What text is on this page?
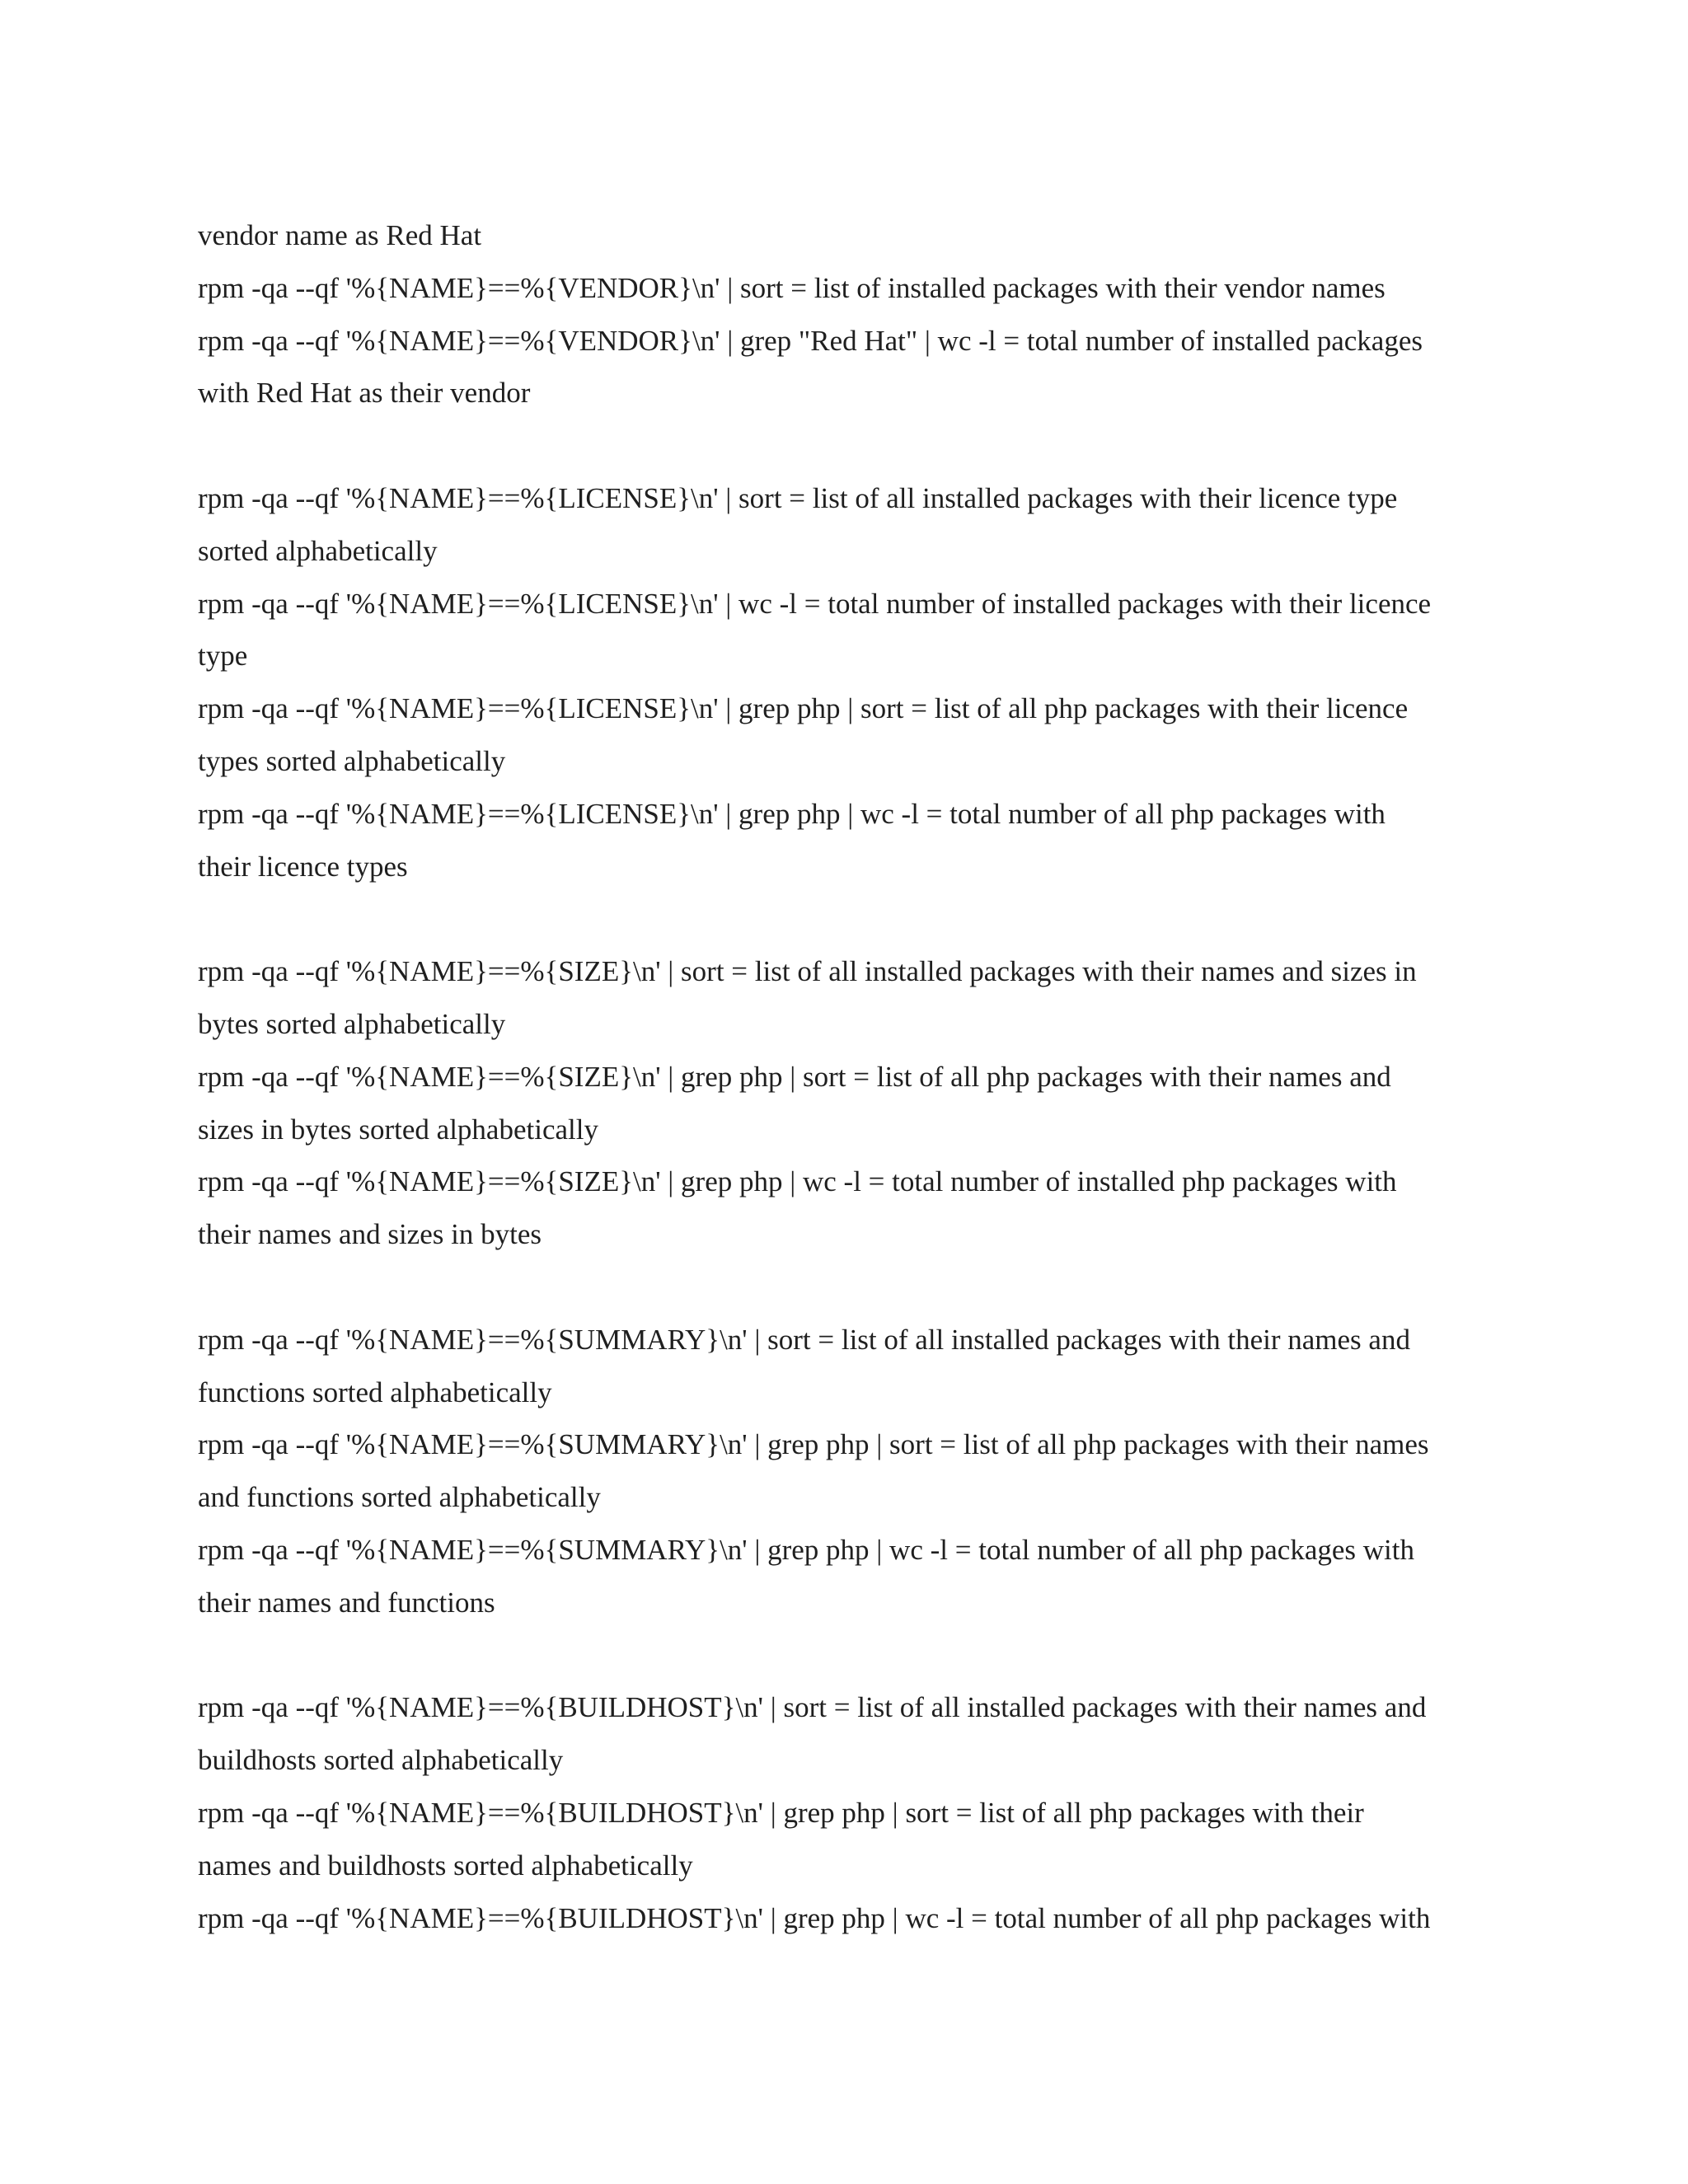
vendor name as Red Hat
rpm -qa --qf '%{NAME}==%{VENDOR}\n' | sort = list of installed packages with their vendor names
rpm -qa --qf '%{NAME}==%{VENDOR}\n' | grep "Red Hat" | wc -l = total number of installed packages
with Red Hat as their vendor
rpm -qa --qf '%{NAME}==%{LICENSE}\n' | sort = list of all installed packages with their licence type
sorted alphabetically
rpm -qa --qf '%{NAME}==%{LICENSE}\n' | wc -l = total number of installed packages with their licence
type
rpm -qa --qf '%{NAME}==%{LICENSE}\n' | grep php | sort = list of all php packages with their licence
types sorted alphabetically
rpm -qa --qf '%{NAME}==%{LICENSE}\n' | grep php | wc -l = total number of all php packages with
their licence types
rpm -qa --qf '%{NAME}==%{SIZE}\n' | sort = list of all installed packages with their names and sizes in
bytes sorted alphabetically
rpm -qa --qf '%{NAME}==%{SIZE}\n' | grep php | sort = list of all php packages with their names and
sizes in bytes sorted alphabetically
rpm -qa --qf '%{NAME}==%{SIZE}\n' | grep php | wc -l = total number of installed php packages with
their names and sizes in bytes
rpm -qa --qf '%{NAME}==%{SUMMARY}\n' | sort = list of all installed packages with their names and
functions sorted alphabetically
rpm -qa --qf '%{NAME}==%{SUMMARY}\n' | grep php | sort = list of all php packages with their names
and functions sorted alphabetically
rpm -qa --qf '%{NAME}==%{SUMMARY}\n' | grep php | wc -l = total number of all php packages with
their names and functions
rpm -qa --qf '%{NAME}==%{BUILDHOST}\n' | sort = list of all installed packages with their names and
buildhosts sorted alphabetically
rpm -qa --qf '%{NAME}==%{BUILDHOST}\n' | grep php | sort = list of all php packages with their
names and buildhosts sorted alphabetically
rpm -qa --qf '%{NAME}==%{BUILDHOST}\n' | grep php | wc -l = total number of all php packages with
